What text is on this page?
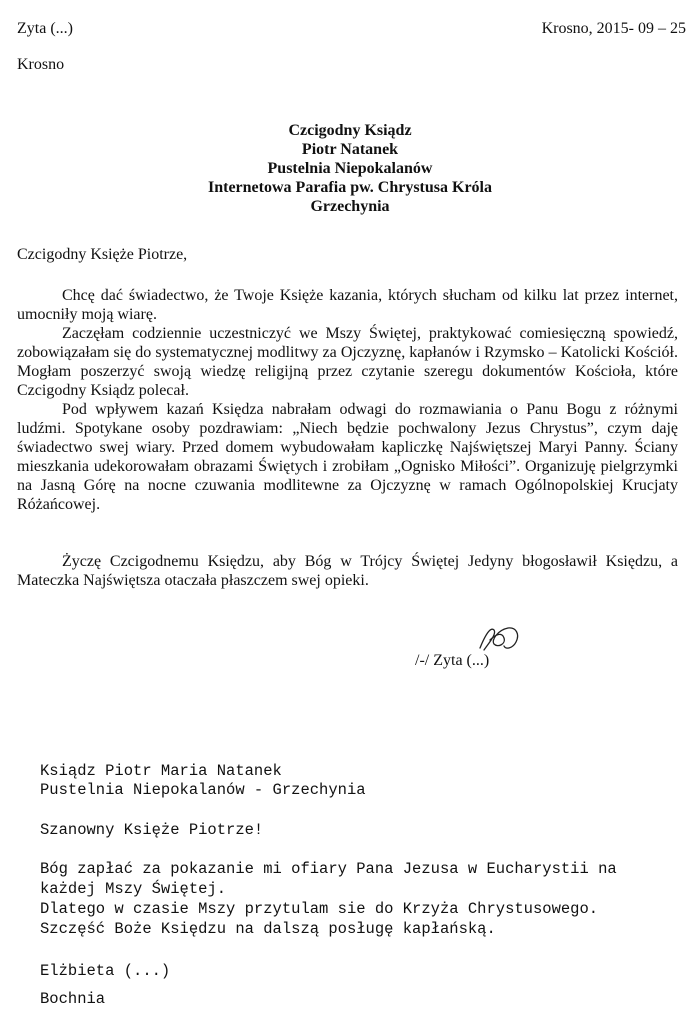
Zyta (...)
Krosno
Krosno, 2015- 09 – 25
Czcigodny Ksiądz
Piotr Natanek
Pustelnia Niepokalanów
Internetowa Parafia pw. Chrystusa Króla
Grzechynia
Czcigodny Księże Piotrze,

Chcę dać świadectwo, że Twoje Księże kazania, których słucham od kilku lat przez internet, umocniły moją wiarę.

Zaczęłam codziennie uczestniczyć we Mszy Świętej, praktykować comiesięczną spowiedź, zobowiązałam się do systematycznej modlitwy za Ojczyznę, kapłanów i Rzymsko – Katolicki Kościół. Mogłam poszerzyć swoją wiedzę religijną przez czytanie szeregu dokumentów Kościoła, które Czcigodny Ksiądz polecał.

Pod wpływem kazań Księdza nabrałam odwagi do rozmawiania o Panu Bogu z różnymi ludźmi. Spotykane osoby pozdrawiam: „Niech będzie pochwalony Jezus Chrystus”, czym daję świadectwo swej wiary. Przed domem wybudowałam kapliczkę Najświętszej Maryi Panny. Ściany mieszkania udekorowałam obrazami Świętych i zrobiłam „Ognisko Miłości”. Organizuję pielgrzymki na Jasną Górę na nocne czuwania modlitewne za Ojczyznę w ramach Ogólnopolskiej Krucjaty Różańcowej.

Życzę Czcigodnemu Księdzu, aby Bóg w Trójcy Świętej Jedyny błogosławił Księdzu, a Mateczka Najświętsza otaczała płaszczem swej opieki.

/-/ Zyta (...)
Ksiądz Piotr Maria Natanek
Pustelnia Niepokalanów - Grzechynia
Szanowny Księże Piotrze!
Bóg zapłać za pokazanie mi ofiary Pana Jezusa w Eucharystii na
każdej Mszy Świętej.
Dlatego w czasie Mszy przytulam sie do Krzyża Chrystusowego.
Szczęść Boże Księdzu na dalszą posługę kapłańską.
Elżbieta (...)
Bochnia
